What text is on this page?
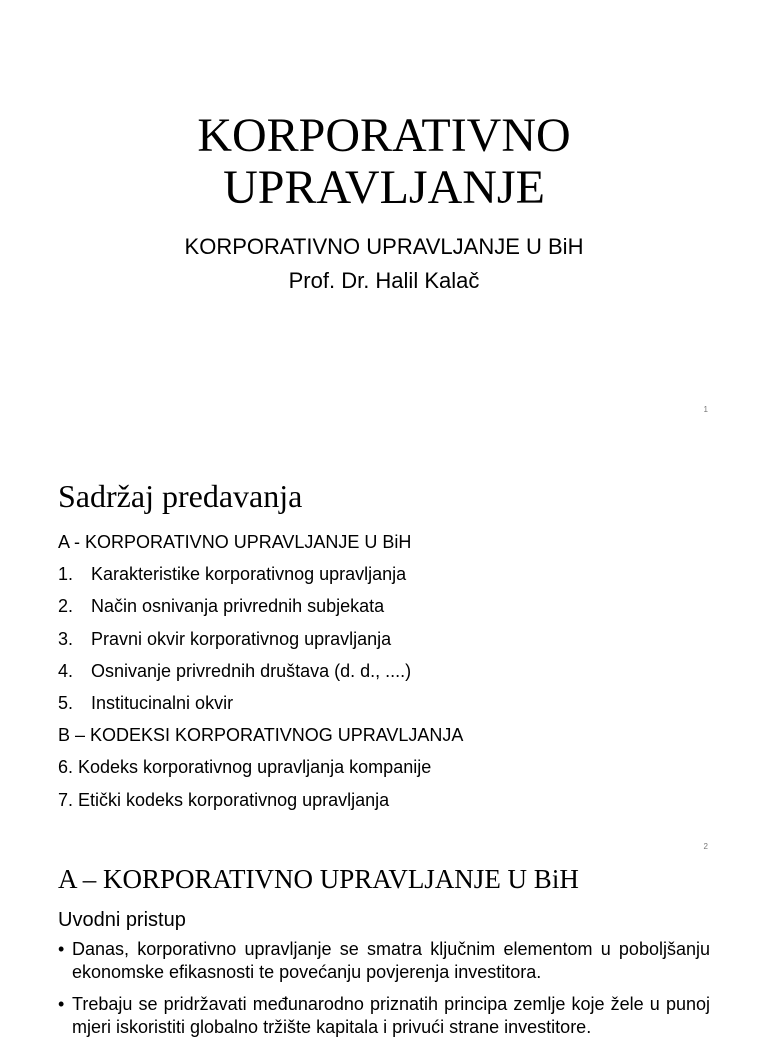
KORPORATIVNO
UPRAVLJANJE
KORPORATIVNO UPRAVLJANJE U BiH
Prof. Dr. Halil Kalač
1
Sadržaj predavanja
A - KORPORATIVNO UPRAVLJANJE U BiH
1. Karakteristike korporativnog upravljanja
2. Način osnivanja privrednih subjekata
3. Pravni okvir korporativnog upravljanja
4. Osnivanje privrednih društava (d. d., ....)
5. Institucinalni okvir
B – KODEKSI KORPORATIVNOG UPRAVLJANJA
6. Kodeks korporativnog upravljanja kompanije
7. Etički kodeks korporativnog upravljanja
2
A – KORPORATIVNO UPRAVLJANJE U BiH
Uvodni pristup
• Danas, korporativno upravljanje se smatra ključnim elementom u poboljšanju ekonomske efikasnosti te povećanju povjerenja investitora.
• Trebaju se pridržavati međunarodno priznatih principa zemlje koje žele u punoj mjeri iskoristiti globalno tržište kapitala i privući strane investitore.
